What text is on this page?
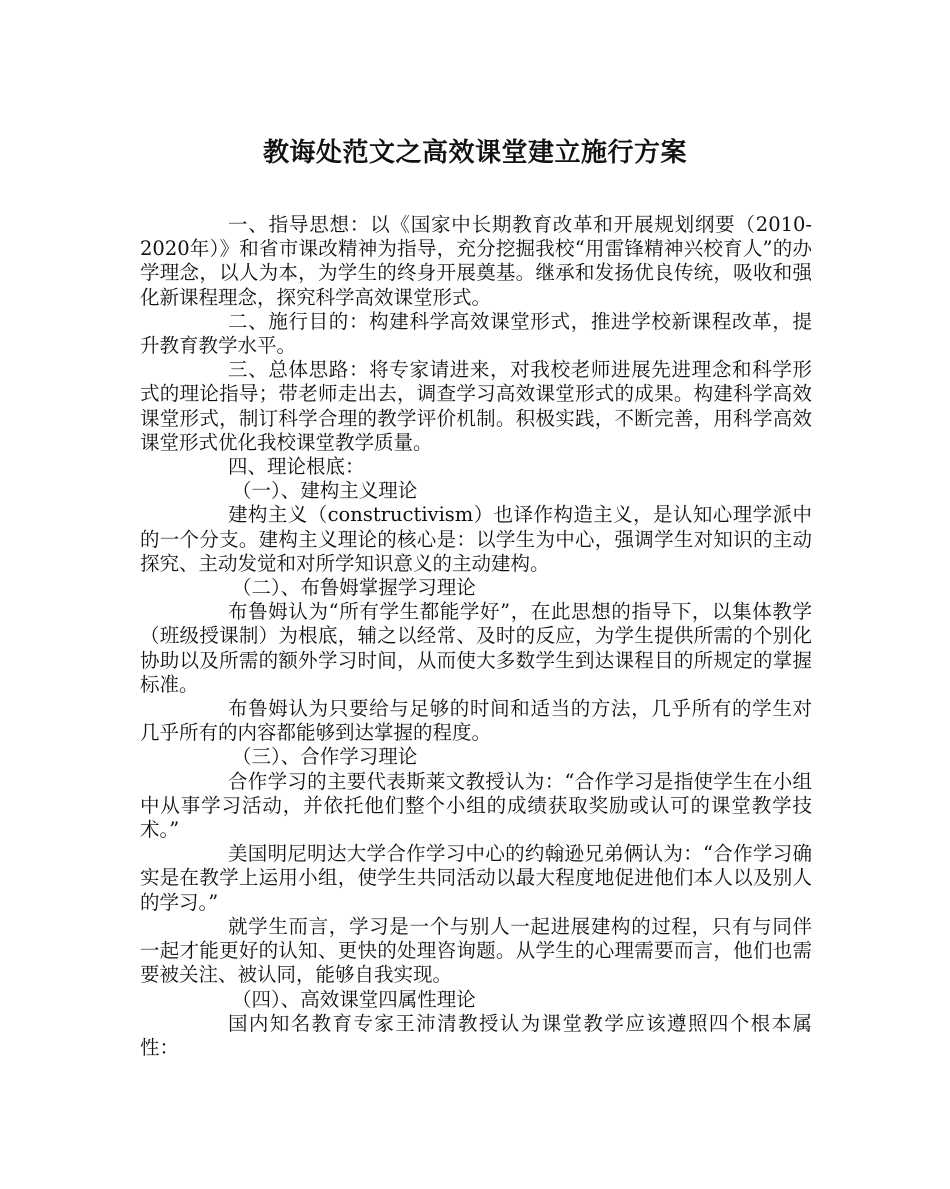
教诲处范文之高效课堂建立施行方案

一、指导思想：以《国家中长期教育改革和开展规划纲要（2010-2020年）》和省市课改精神为指导，充分挖掘我校“用雷锋精神兴校育人”的办学理念，以人为本，为学生的终身开展奠基。继承和发扬优良传统，吸收和强化新课程理念，探究科学高效课堂形式。

二、施行目的：构建科学高效课堂形式，推进学校新课程改革，提升教育教学水平。

三、总体思路：将专家请进来，对我校老师进展先进理念和科学形式的理论指导；带老师走出去，调查学习高效课堂形式的成果。构建科学高效课堂形式，制订科学合理的教学评价机制。积极实践，不断完善，用科学高效课堂形式优化我校课堂教学质量。

四、理论根底：

（一）、建构主义理论

建构主义（constructivism）也译作构造主义，是认知心理学派中的一个分支。建构主义理论的核心是：以学生为中心，强调学生对知识的主动探究、主动发觉和对所学知识意义的主动建构。

（二）、布鲁姆掌握学习理论

布鲁姆认为“所有学生都能学好”，在此思想的指导下，以集体教学（班级授课制）为根底，辅之以经常、及时的反应，为学生提供所需的个别化协助以及所需的额外学习时间，从而使大多数学生到达课程目的所规定的掌握标准。

布鲁姆认为只要给与足够的时间和适当的方法，几乎所有的学生对几乎所有的内容都能够到达掌握的程度。

（三）、合作学习理论

合作学习的主要代表斯莱文教授认为：“合作学习是指使学生在小组中从事学习活动，并依托他们整个小组的成绩获取奖励或认可的课堂教学技术。”

美国明尼明达大学合作学习中心的约翰逊兄弟俩认为：“合作学习确实是在教学上运用小组，使学生共同活动以最大程度地促进他们本人以及别人的学习。”

就学生而言，学习是一个与别人一起进展建构的过程，只有与同伴一起才能更好的认知、更快的处理咨询题。从学生的心理需要而言，他们也需要被关注、被认同，能够自我实现。

（四）、高效课堂四属性理论

国内知名教育专家王沛清教授认为课堂教学应该遵照四个根本属性：
